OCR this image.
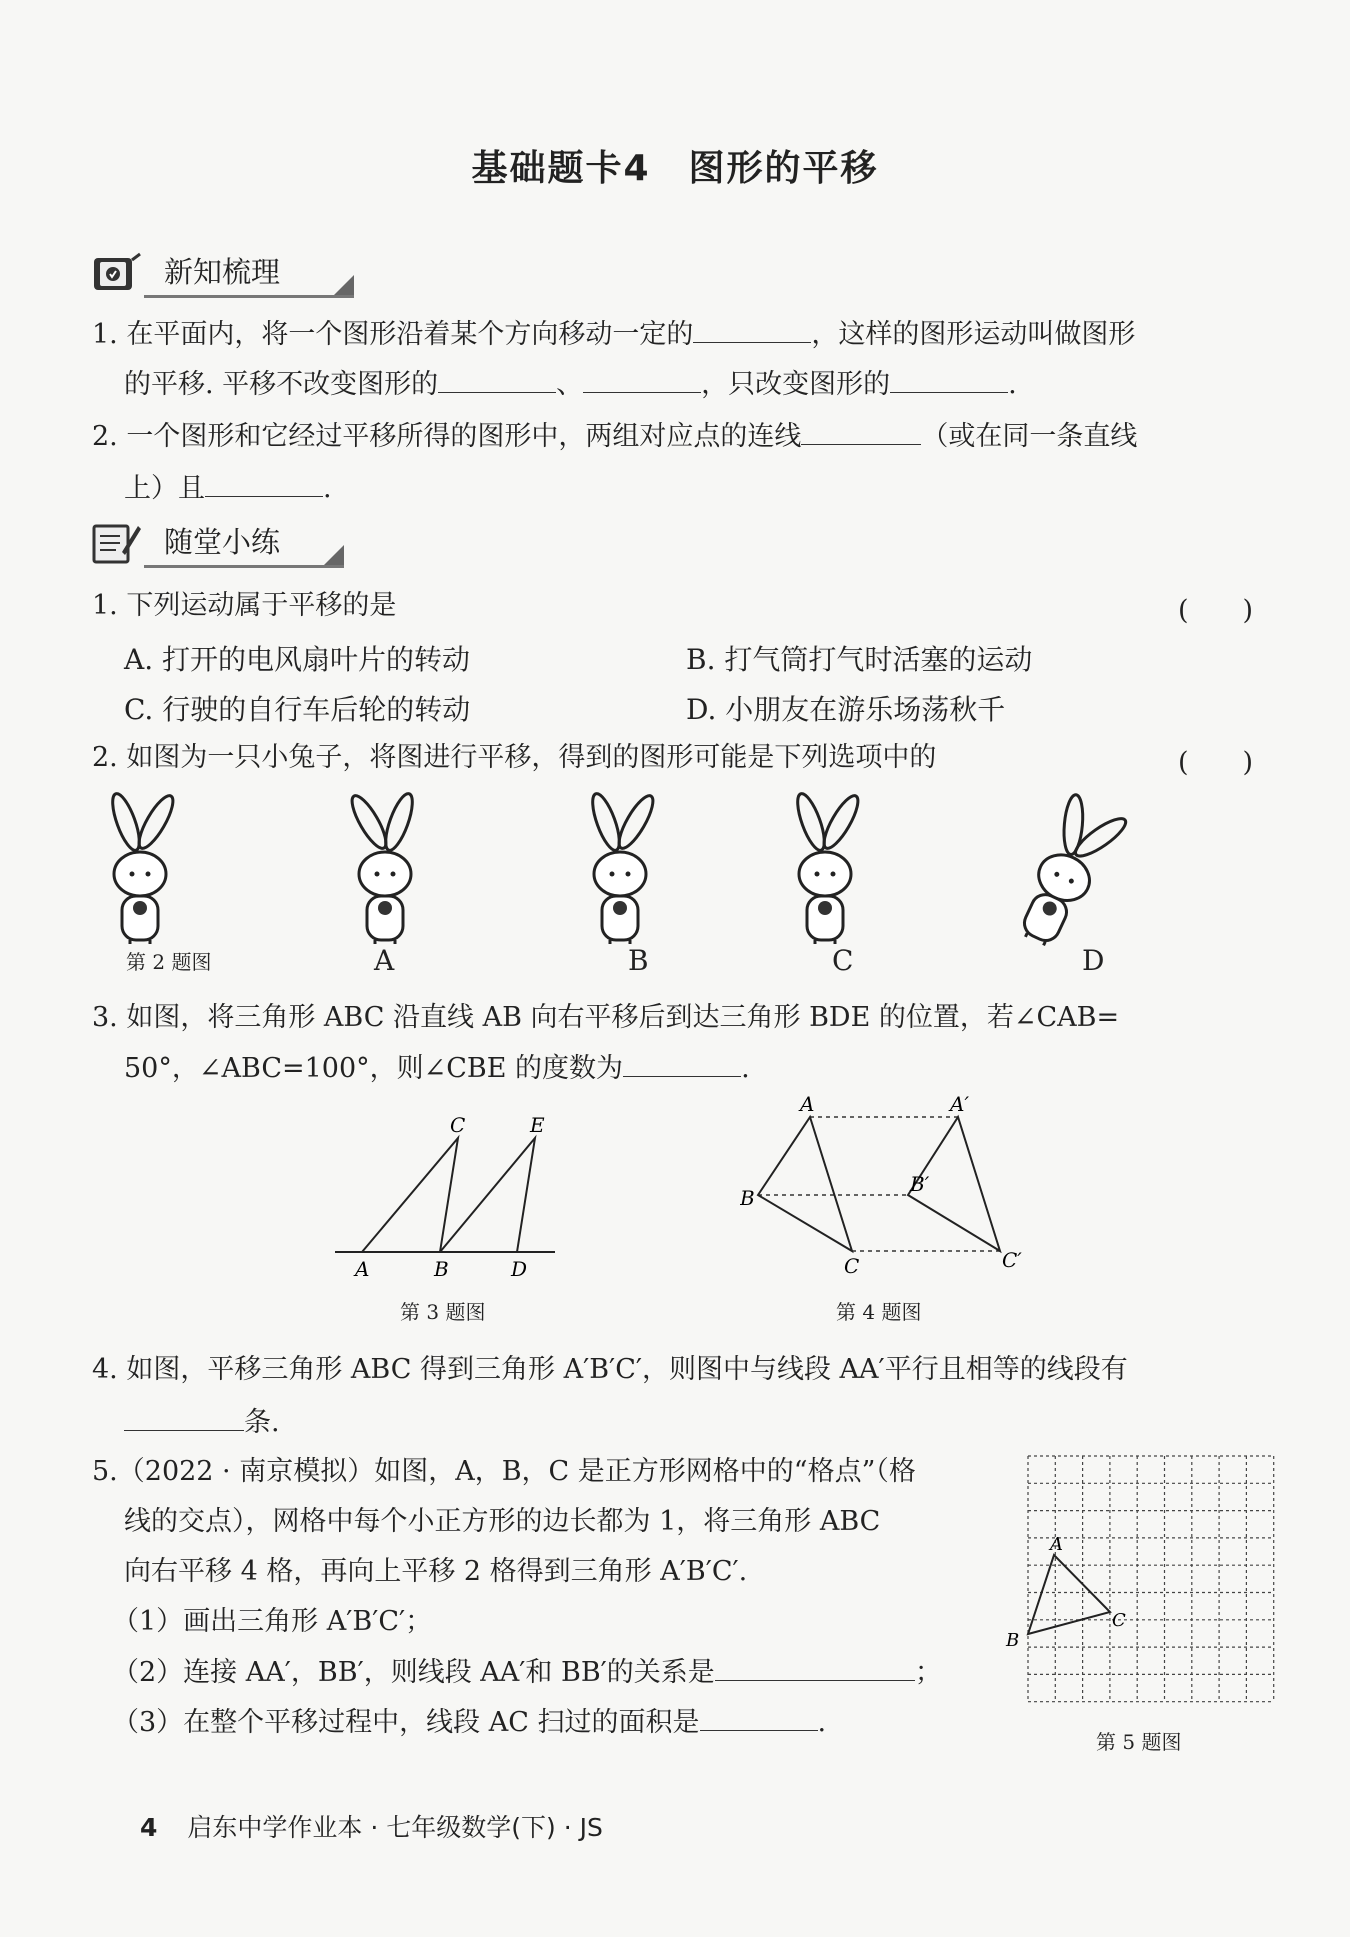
基础题卡4　图形的平移
新知梳理
1. 在平面内，将一个图形沿着某个方向移动一定的	，这样的图形运动叫做图形
的平移. 平移不改变图形的	、	，只改变图形的	.
2. 一个图形和它经过平移所得的图形中，两组对应点的连线	（或在同一条直线
上）且	.
随堂小练
1. 下列运动属于平移的是	(　　)
A. 打开的电风扇叶片的转动	B. 打气筒打气时活塞的运动
C. 行驶的自行车后轮的转动	D. 小朋友在游乐场荡秋千
2. 如图为一只小兔子，将图进行平移，得到的图形可能是下列选项中的	(　　)
第 2 题图	A	B	C	D
3. 如图，将三角形 ABC 沿直线 AB 向右平移后到达三角形 BDE 的位置，若∠CAB=
50°，∠ABC=100°，则∠CBE 的度数为	.
A	B	D
C	E
第 3 题图
A	A′
B
B′
C	C′
第 4 题图
4. 如图，平移三角形 ABC 得到三角形 A′B′C′，则图中与线段 AA′平行且相等的线段有
条.
5.（2022 · 南京模拟）如图，A，B，C 是正方形网格中的“格点”（格
线的交点），网格中每个小正方形的边长都为 1，将三角形 ABC
向右平移 4 格，再向上平移 2 格得到三角形 A′B′C′.
（1）画出三角形 A′B′C′；
（2）连接 AA′，BB′，则线段 AA′和 BB′的关系是	；
（3）在整个平移过程中，线段 AC 扫过的面积是	.
A
B
C
第 5 题图
4 启东中学作业本 · 七年级数学(下) · JS
